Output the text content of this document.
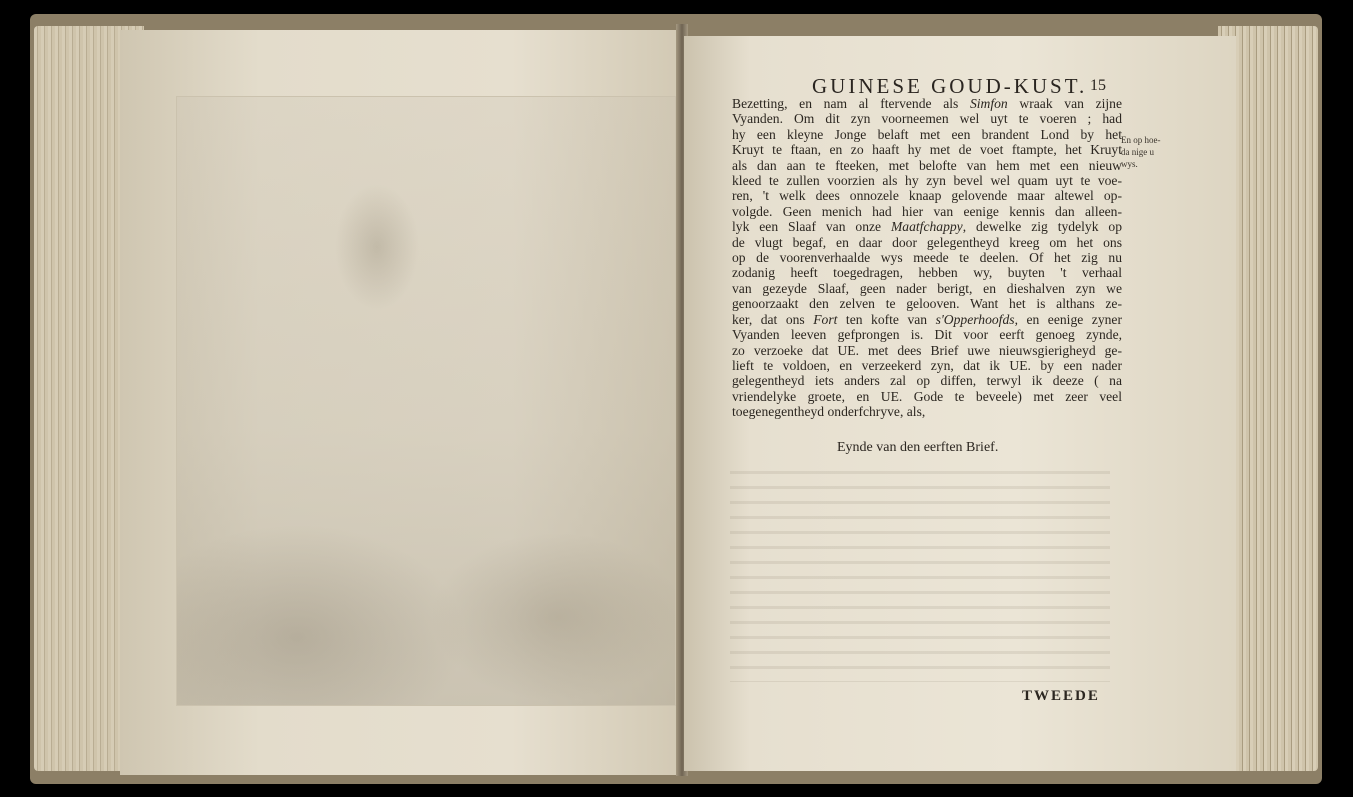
GUINESE GOUD-KUST. 15
Bezetting, en nam al ftervende als Simfon wraak van zijne
Vyanden. Om dit zyn voorneemen wel uyt te voeren ; had
hy een kleyne Jonge belaft met een brandent Lond by het
Kruyt te ftaan, en zo haaft hy met de voet ftampte, het Kruyt
als dan aan te fteeken, met belofte van hem met een nieuw
kleed te zullen voorzien als hy zyn bevel wel quam uyt te voe-
ren, 't welk dees onnozele knaap gelovende maar altewel op-
volgde. Geen menich had hier van eenige kennis dan alleen-
lyk een Slaaf van onze Maatfchappy, dewelke zig tydelyk op
de vlugt begaf, en daar door gelegentheyd kreeg om het ons
op de voorenverhaalde wys meede te deelen. Of het zig nu
zodanig heeft toegedragen, hebben wy, buyten 't verhaal
van gezeyde Slaaf, geen nader berigt, en dieshalven zyn we
genoorzaakt den zelven te gelooven. Want het is althans ze-
ker, dat ons Fort ten kofte van s'Opperhoofds, en eenige zyner
Vyanden leeven gefprongen is. Dit voor eerft genoeg zynde,
zo verzoeke dat UE. met dees Brief uwe nieuwsgierigheyd ge-
lieft te voldoen, en verzeekerd zyn, dat ik UE. by een nader
gelegentheyd iets anders zal op diffen, terwyl ik deeze ( na
vriendelyke groete, en UE. Gode te beveele) met zeer veel
toegenegentheyd onderfchryve, als,
En op hoe-
da nige u
wys.
Eynde van den eerften Brief.
TWEEDE
